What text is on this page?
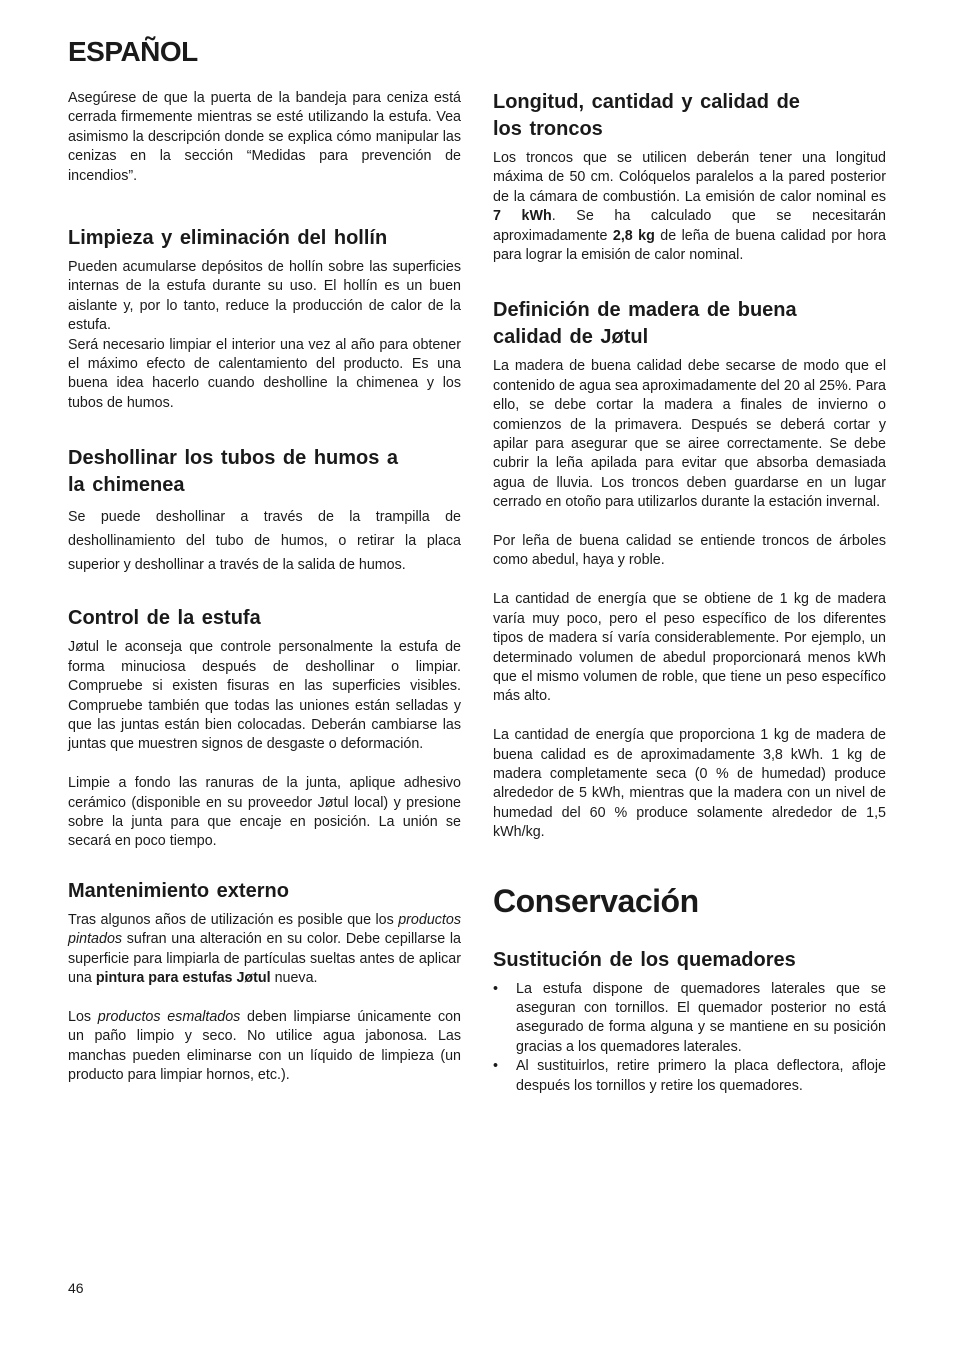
ESPAÑOL

Asegúrese de que la puerta de la bandeja para ceniza está cerrada firmemente mientras se esté utilizando la estufa. Vea asimismo la descripción donde se explica cómo manipular las cenizas en la sección “Medidas para prevención de incendios”.

Limpieza y eliminación del hollín

Pueden acumularse depósitos de hollín sobre las superficies internas de la estufa durante su uso. El hollín es un buen aislante y, por lo tanto, reduce la producción de calor de la estufa.

Será necesario limpiar el interior una vez al año para obtener el máximo efecto de calentamiento del producto. Es una buena idea hacerlo cuando desholline la chimenea y los tubos de humos.

Deshollinar los tubos de humos a la chimenea

Se puede deshollinar a través de la trampilla de deshollinamiento del tubo de humos, o retirar la placa superior y deshollinar a través de la salida de humos.

Control de la estufa

Jøtul le aconseja que controle personalmente la estufa de forma minuciosa después de deshollinar o limpiar. Compruebe si existen fisuras en las superficies visibles. Compruebe también que todas las uniones están selladas y que las juntas están bien colocadas. Deberán cambiarse las juntas que muestren signos de desgaste o deformación.

Limpie a fondo las ranuras de la junta, aplique adhesivo cerámico (disponible en su proveedor Jøtul local) y presione sobre la junta para que encaje en posición. La unión se secará en poco tiempo.

Mantenimiento externo

Tras algunos años de utilización es posible que los productos pintados sufran una alteración en su color. Debe cepillarse la superficie para limpiarla de partículas sueltas antes de aplicar una pintura para estufas Jøtul nueva.

Los productos esmaltados deben limpiarse únicamente con un paño limpio y seco. No utilice agua jabonosa. Las manchas pueden eliminarse con un líquido de limpieza (un producto para limpiar hornos, etc.).

Longitud, cantidad y calidad de los troncos

Los troncos que se utilicen deberán tener una longitud máxima de 50 cm. Colóquelos paralelos a la pared posterior de la cámara de combustión. La emisión de calor nominal es 7 kWh. Se ha calculado que se necesitarán aproximadamente 2,8 kg de leña de buena calidad por hora para lograr la emisión de calor nominal.

Definición de madera de buena calidad de Jøtul

La madera de buena calidad debe secarse de modo que el contenido de agua sea aproximadamente del 20 al 25%. Para ello, se debe cortar la madera a finales de invierno o comienzos de la primavera. Después se deberá cortar y apilar para asegurar que se airee correctamente. Se debe cubrir la leña apilada para evitar que absorba demasiada agua de lluvia. Los troncos deben guardarse en un lugar cerrado en otoño para utilizarlos durante la estación invernal.

Por leña de buena calidad se entiende troncos de árboles como abedul, haya y roble.

La cantidad de energía que se obtiene de 1 kg de madera varía muy poco, pero el peso específico de los diferentes tipos de madera sí varía considerablemente. Por ejemplo, un determinado volumen de abedul proporcionará menos kWh que el mismo volumen de roble, que tiene un peso específico más alto.

La cantidad de energía que proporciona 1 kg de madera de buena calidad es de aproximadamente 3,8 kWh. 1 kg de madera completamente seca (0 % de humedad) produce alrededor de 5 kWh, mientras que la madera con un nivel de humedad del 60 % produce solamente alrededor de 1,5 kWh/kg.

Conservación
Sustitución de los quemadores
• La estufa dispone de quemadores laterales que se aseguran con tornillos. El quemador posterior no está asegurado de forma alguna y se mantiene en su posición gracias a los quemadores laterales.
• Al sustituirlos, retire primero la placa deflectora, afloje después los tornillos y retire los quemadores.
46
